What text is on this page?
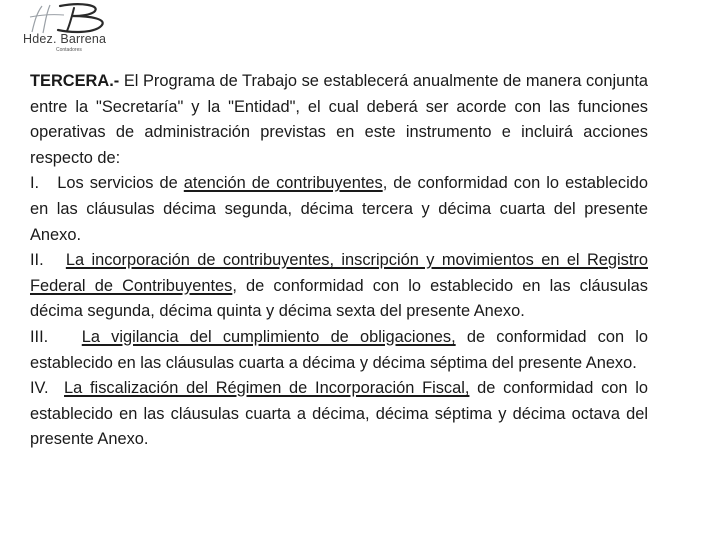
Hdez. Barrena
Contadores

TERCERA.- El Programa de Trabajo se establecerá anualmente de manera conjunta entre la "Secretaría" y la "Entidad", el cual deberá ser acorde con las funciones operativas de administración previstas en este instrumento e incluirá acciones respecto de:

I. Los servicios de atención de contribuyentes, de conformidad con lo establecido en las cláusulas décima segunda, décima tercera y décima cuarta del presente Anexo.

II. La incorporación de contribuyentes, inscripción y movimientos en el Registro Federal de Contribuyentes, de conformidad con lo establecido en las cláusulas décima segunda, décima quinta y décima sexta del presente Anexo.

III. La vigilancia del cumplimiento de obligaciones, de conformidad con lo establecido en las cláusulas cuarta a décima y décima séptima del presente Anexo.

IV. La fiscalización del Régimen de Incorporación Fiscal, de conformidad con lo establecido en las cláusulas cuarta a décima, décima séptima y décima octava del presente Anexo.
